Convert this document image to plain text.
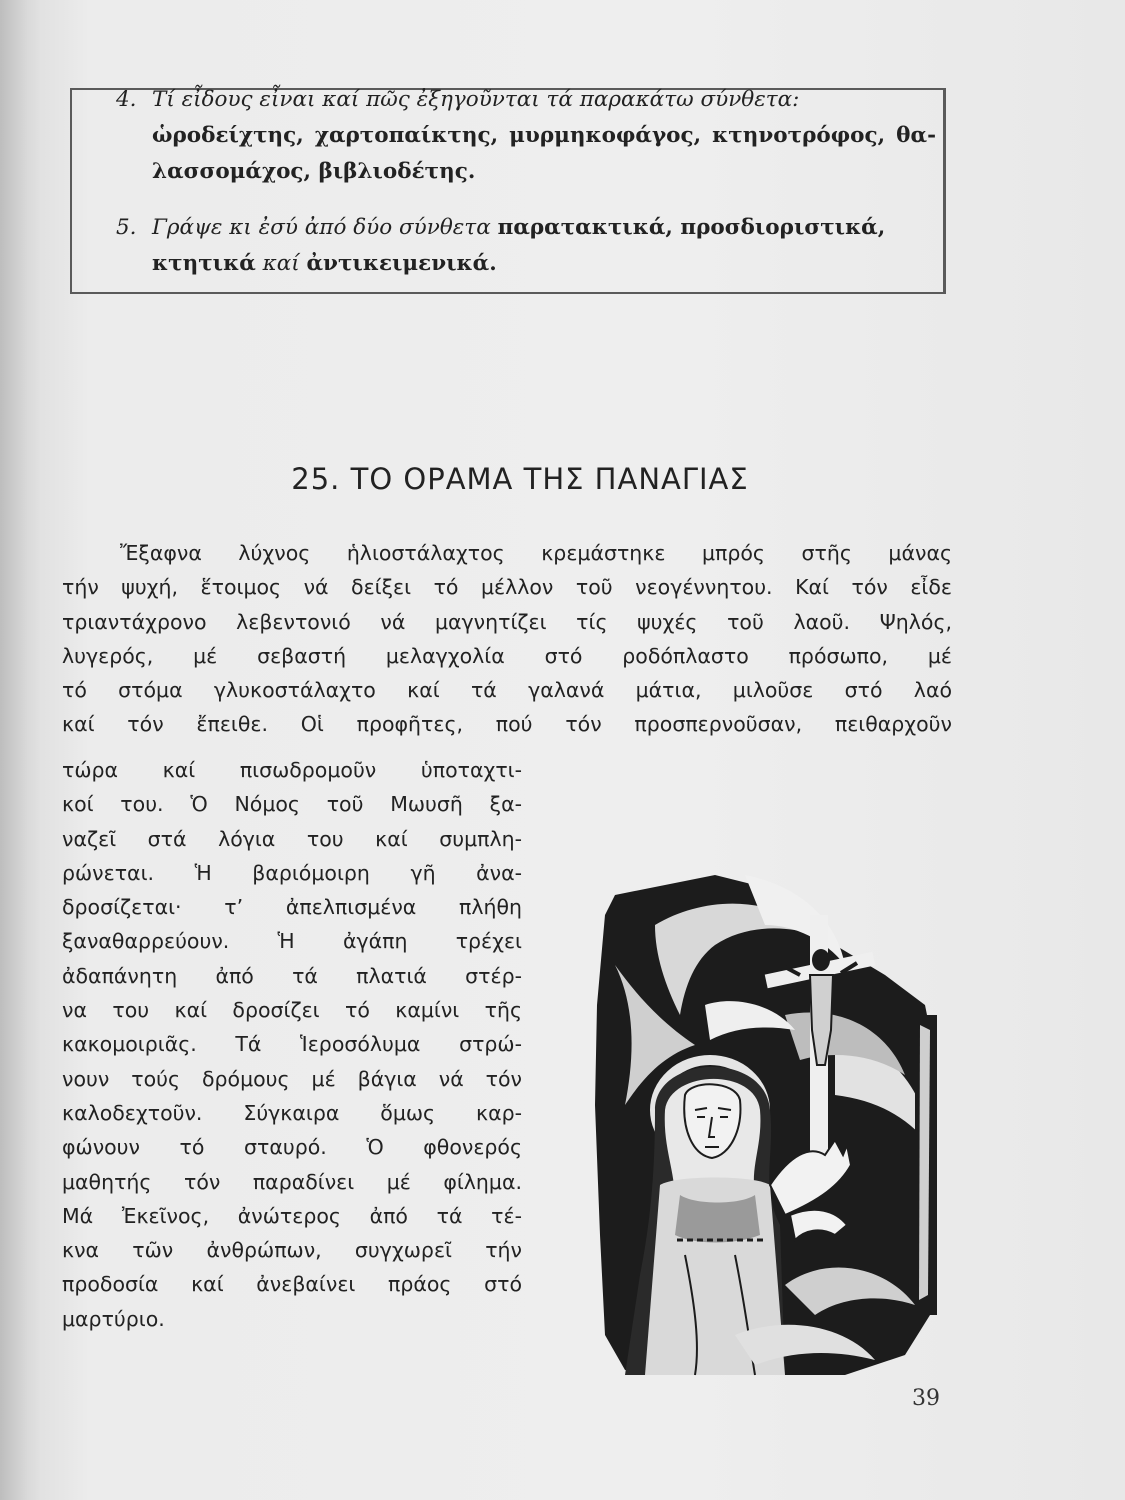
4. Τί εἶδους εἶναι καί πῶς ἐξηγοῦνται τά παρακάτω σύνθετα:

ὡροδείχτης, χαρτοπαίκτης, μυρμηκοφάγος, κτηνοτρόφος, θα-
λασσομάχος, βιβλιοδέτης.

5. Γράψε κι ἐσύ ἀπό δύο σύνθετα παρατακτικά, προσδιοριστικά,
κτητικά καί ἀντικειμενικά.

25. ΤΟ ΟΡΑΜΑ ΤΗΣ ΠΑΝΑΓΙΑΣ
Ἔξαφνα λύχνος ἡλιοστάλαχτος κρεμάστηκε μπρός στῆς μάνας
τήν ψυχή, ἕτοιμος νά δείξει τό μέλλον τοῦ νεογέννητου. Καί τόν εἶδε
τριαντάχρονο λεβεντονιό νά μαγνητίζει τίς ψυχές τοῦ λαοῦ. Ψηλός,
λυγερός, μέ σεβαστή μελαγχολία στό ροδόπλαστο πρόσωπο, μέ
τό στόμα γλυκοστάλαχτο καί τά γαλανά μάτια, μιλοῦσε στό λαό
καί τόν ἔπειθε. Οἱ προφῆτες, πού τόν προσπερνοῦσαν, πειθαρχοῦν
τώρα καί πισωδρομοῦν ὑποταχτι-
κοί του. Ὁ Νόμος τοῦ Μωυσῆ ξα-
ναζεῖ στά λόγια του καί συμπλη-
ρώνεται. Ἡ βαριόμοιρη γῆ ἀνα-
δροσίζεται· τ’ ἀπελπισμένα πλήθη
ξαναθαρρεύουν. Ἡ ἀγάπη τρέχει
ἀδαπάνητη ἀπό τά πλατιά στέρ-
να του καί δροσίζει τό καμίνι τῆς
κακομοιριᾶς. Τά Ἱεροσόλυμα στρώ-
νουν τούς δρόμους μέ βάγια νά τόν
καλοδεχτοῦν. Σύγκαιρα ὅμως καρ-
φώνουν τό σταυρό. Ὁ φθονερός
μαθητής τόν παραδίνει μέ φίλημα.
Μά Ἐκεῖνος, ἀνώτερος ἀπό τά τέ-
κνα τῶν ἀνθρώπων, συγχωρεῖ τήν
προδοσία καί ἀνεβαίνει πράος στό
μαρτύριο.
39
